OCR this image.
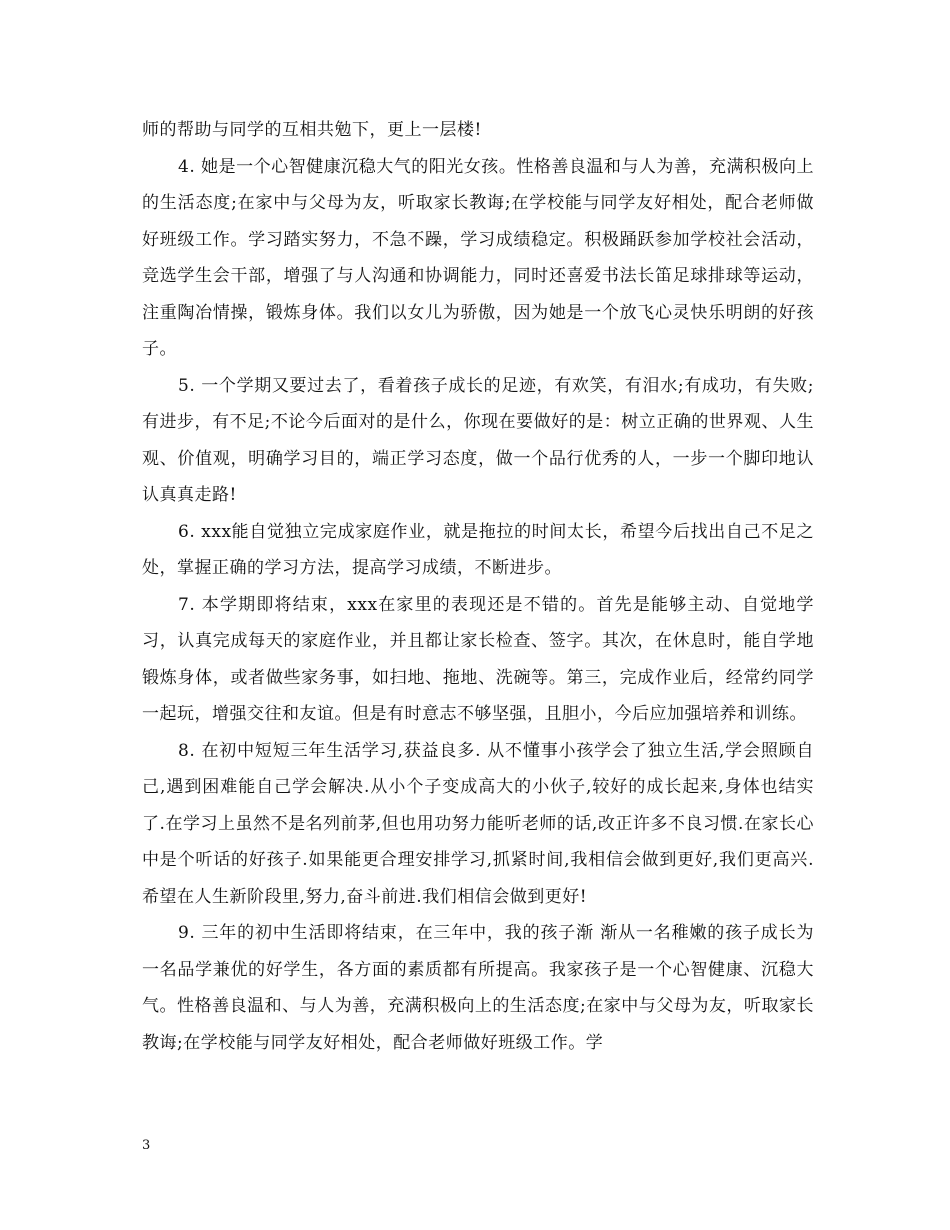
师的帮助与同学的互相共勉下，更上一层楼!

4. 她是一个心智健康沉稳大气的阳光女孩。性格善良温和与人为善，充满积极向上的生活态度;在家中与父母为友，听取家长教诲;在学校能与同学友好相处，配合老师做好班级工作。学习踏实努力，不急不躁，学习成绩稳定。积极踊跃参加学校社会活动，竞选学生会干部，增强了与人沟通和协调能力，同时还喜爱书法长笛足球排球等运动，注重陶冶情操，锻炼身体。我们以女儿为骄傲，因为她是一个放飞心灵快乐明朗的好孩子。

5. 一个学期又要过去了，看着孩子成长的足迹，有欢笑，有泪水;有成功，有失败;有进步，有不足;不论今后面对的是什么，你现在要做好的是：树立正确的世界观、人生观、价值观，明确学习目的，端正学习态度，做一个品行优秀的人，一步一个脚印地认认真真走路!

6. xxx能自觉独立完成家庭作业，就是拖拉的时间太长，希望今后找出自己不足之处，掌握正确的学习方法，提高学习成绩，不断进步。

7. 本学期即将结束，xxx在家里的表现还是不错的。首先是能够主动、自觉地学习，认真完成每天的家庭作业，并且都让家长检查、签字。其次，在休息时，能自学地锻炼身体，或者做些家务事，如扫地、拖地、洗碗等。第三，完成作业后，经常约同学一起玩，增强交往和友谊。但是有时意志不够坚强，且胆小，今后应加强培养和训练。

8. 在初中短短三年生活学习,获益良多. 从不懂事小孩学会了独立生活,学会照顾自己,遇到困难能自己学会解决.从小个子变成高大的小伙子,较好的成长起来,身体也结实了.在学习上虽然不是名列前茅,但也用功努力能听老师的话,改正许多不良习惯.在家长心中是个听话的好孩子.如果能更合理安排学习,抓紧时间,我相信会做到更好,我们更高兴.希望在人生新阶段里,努力,奋斗前进.我们相信会做到更好!

9. 三年的初中生活即将结束，在三年中，我的孩子渐 渐从一名稚嫩的孩子成长为一名品学兼优的好学生，各方面的素质都有所提高。我家孩子是一个心智健康、沉稳大气。性格善良温和、与人为善，充满积极向上的生活态度;在家中与父母为友，听取家长教诲;在学校能与同学友好相处，配合老师做好班级工作。学

3
